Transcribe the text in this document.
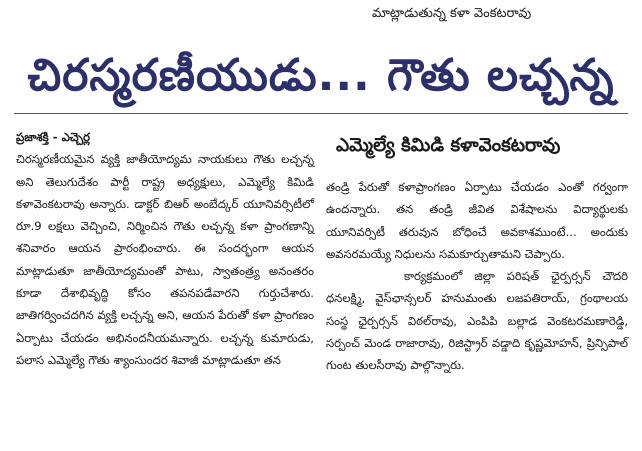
మాట్లాడుతున్న కళా వెంకటరావు
చిరస్మరణీయుడు... గౌతు లచ్చన్న

ప్రజాశక్తి - ఎచ్చెర్ల
చిరస్మరణీయమైన వ్యక్తి జాతీయోద్యమ నాయకులు గౌతు లచ్చన్న అని తెలుగుదేశం పార్టీ రాష్ట్ర అధ్యక్షులు, ఎమ్మెల్యే కిమిడి కళావెంకటరావు అన్నారు. డాక్టర్ బిఆర్ అంబేద్కర్ యూనివర్సిటీలో రూ.9 లక్షలు వెచ్చించి, నిర్మించిన గౌతు లచ్చన్న కళా ప్రాంగణాన్ని శనివారం ఆయన ప్రారంభించారు. ఈ సందర్భంగా ఆయన మాట్లాడుతూ జాతీయోద్యమంతో పాటు, స్వాతంత్ర్య అనంతరం కూడా దేశాభివృద్ధి కోసం తపనపడేవారని గుర్తుచేశారు. జాతిగర్వించదగిన వ్యక్తి లచ్చన్న అని, ఆయన పేరుతో కళా ప్రాంగణం ఏర్పాటు చేయడం అభినందనీయమన్నారు. లచ్చన్న కుమారుడు, పలాస ఎమ్మెల్యే గౌతు శ్యాంసుందర శివాజీ మాట్లాడుతూ తన

ఎమ్మెల్యే కిమిడి కళావెంకటరావు

తండ్రి పేరుతో కళాప్రాంగణం ఏర్పాటు చేయడం ఎంతో గర్వంగా ఉందన్నారు. తన తండ్రి జీవిత విశేషాలను విద్యార్థులకు యూనివర్సిటీ తరువున బోధించే అవకాశముంటే... అందుకు అవసరమయ్యే నిధులను సమకూర్చుతామని చెప్పారు.

కార్యక్రమంలో జిల్లా పరిషత్ ఛైర్పర్సన్ చౌదరి ధనలక్ష్మి, వైస్‌ఛాన్సలర్ హనుమంతు లజపతిరాయ్, గ్రంథాలయ సంస్థ ఛైర్పర్సన్ విఠల్‌రావు, ఎంపిపి బల్లాడ వెంకటరమణారెడ్డి, సర్పంచ్ మెండ రాజారావు, రిజిస్ట్రార్ వడ్డాది కృష్ణమోహన్, ప్రిన్సిపాల్ గుంట తులసీరావు పాల్గొన్నారు.
